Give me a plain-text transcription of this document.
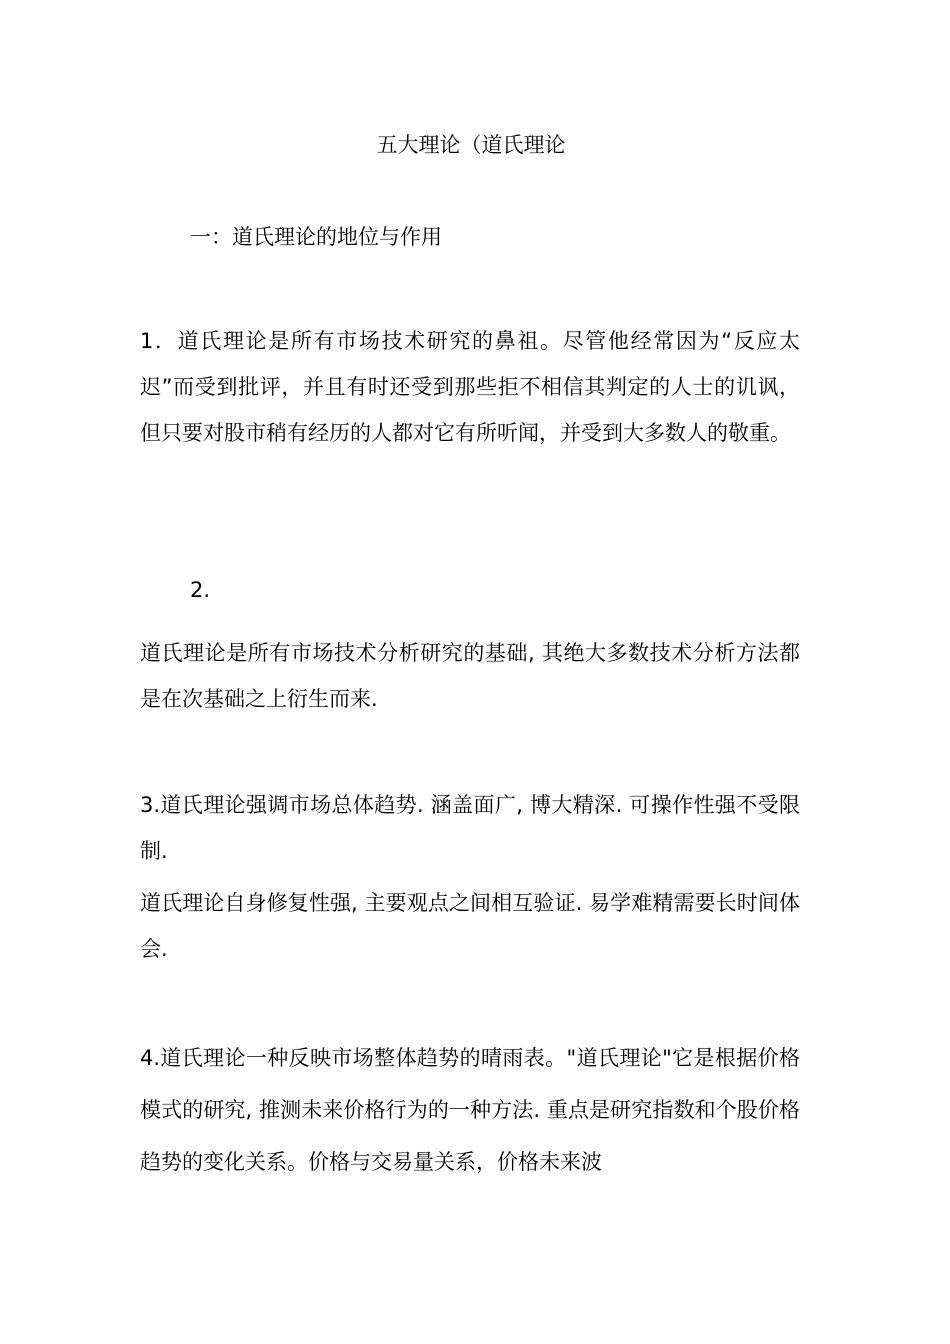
五大理论（道氏理论
一：道氏理论的地位与作用
1．道氏理论是所有市场技术研究的鼻祖。尽管他经常因为“反应太迟”而受到批评，并且有时还受到那些拒不相信其判定的人士的讥讽，但只要对股市稍有经历的人都对它有所听闻，并受到大多数人的敬重。
2.
道氏理论是所有市场技术分析研究的基础, 其绝大多数技术分析方法都是在次基础之上衍生而来.
3.道氏理论强调市场总体趋势. 涵盖面广, 博大精深. 可操作性强不受限制.
道氏理论自身修复性强, 主要观点之间相互验证. 易学难精需要长时间体会.
4.道氏理论一种反映市场整体趋势的晴雨表。"道氏理论"它是根据价格模式的研究, 推测未来价格行为的一种方法. 重点是研究指数和个股价格趋势的变化关系。价格与交易量关系，价格未来波
